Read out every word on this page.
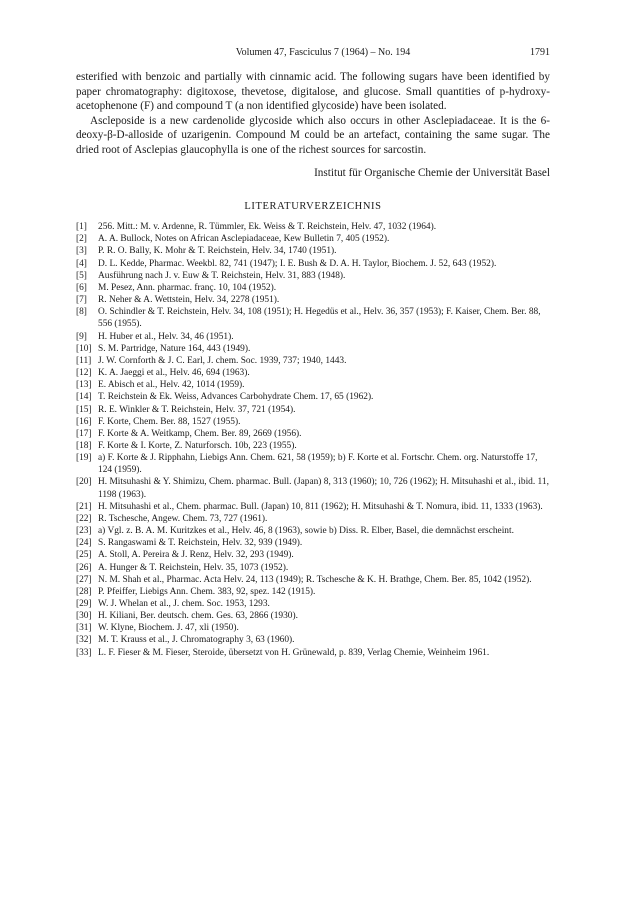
Volumen 47, Fasciculus 7 (1964) – No. 194	1791

esterified with benzoic and partially with cinnamic acid. The following sugars have been identified by paper chromatography: digitoxose, thevetose, digitalose, and glucose. Small quantities of p-hydroxy-acetophenone (F) and compound T (a non identified glycoside) have been isolated.

Ascleposide is a new cardenolide glycoside which also occurs in other Asclepiadaceae. It is the 6-deoxy-β-D-alloside of uzarigenin. Compound M could be an artefact, containing the same sugar. The dried root of Asclepias glaucophylla is one of the richest sources for sarcostin.

Institut für Organische Chemie der Universität Basel

LITERATURVERZEICHNIS
[1]	256. Mitt.: M. v. Ardenne, R. Tümmler, Ek. Weiss & T. Reichstein, Helv. 47, 1032 (1964).
[2]	A. A. Bullock, Notes on African Asclepiadaceae, Kew Bulletin 7, 405 (1952).
[3]	P. R. O. Bally, K. Mohr & T. Reichstein, Helv. 34, 1740 (1951).
[4]	D. L. Kedde, Pharmac. Weekbl. 82, 741 (1947); I. E. Bush & D. A. H. Taylor, Biochem. J. 52, 643 (1952).
[5]	Ausführung nach J. v. Euw & T. Reichstein, Helv. 31, 883 (1948).
[6]	M. Pesez, Ann. pharmac. franç. 10, 104 (1952).
[7]	R. Neher & A. Wettstein, Helv. 34, 2278 (1951).
[8]	O. Schindler & T. Reichstein, Helv. 34, 108 (1951); H. Hegedüs et al., Helv. 36, 357 (1953); F. Kaiser, Chem. Ber. 88, 556 (1955).
[9]	H. Huber et al., Helv. 34, 46 (1951).
[10] S. M. Partridge, Nature 164, 443 (1949).
[11] J. W. Cornforth & J. C. Earl, J. chem. Soc. 1939, 737; 1940, 1443.
[12] K. A. Jaeggi et al., Helv. 46, 694 (1963).
[13] E. Abisch et al., Helv. 42, 1014 (1959).
[14] T. Reichstein & Ek. Weiss, Advances Carbohydrate Chem. 17, 65 (1962).
[15] R. E. Winkler & T. Reichstein, Helv. 37, 721 (1954).
[16] F. Korte, Chem. Ber. 88, 1527 (1955).
[17] F. Korte & A. Weitkamp, Chem. Ber. 89, 2669 (1956).
[18] F. Korte & I. Korte, Z. Naturforsch. 10b, 223 (1955).
[19] a) F. Korte & J. Ripphahn, Liebigs Ann. Chem. 621, 58 (1959); b) F. Korte et al. Fortschr. Chem. org. Naturstoffe 17, 124 (1959).
[20] H. Mitsuhashi & Y. Shimizu, Chem. pharmac. Bull. (Japan) 8, 313 (1960); 10, 726 (1962); H. Mitsuhashi et al., ibid. 11, 1198 (1963).
[21] H. Mitsuhashi et al., Chem. pharmac. Bull. (Japan) 10, 811 (1962); H. Mitsuhashi & T. Nomura, ibid. 11, 1333 (1963).
[22] R. Tschesche, Angew. Chem. 73, 727 (1961).
[23] a) Vgl. z. B. A. M. Kuritzkes et al., Helv. 46, 8 (1963), sowie b) Diss. R. Elber, Basel, die demnächst erscheint.
[24] S. Rangaswami & T. Reichstein, Helv. 32, 939 (1949).
[25] A. Stoll, A. Pereira & J. Renz, Helv. 32, 293 (1949).
[26] A. Hunger & T. Reichstein, Helv. 35, 1073 (1952).
[27] N. M. Shah et al., Pharmac. Acta Helv. 24, 113 (1949); R. Tschesche & K. H. Brathge, Chem. Ber. 85, 1042 (1952).
[28] P. Pfeiffer, Liebigs Ann. Chem. 383, 92, spez. 142 (1915).
[29] W. J. Whelan et al., J. chem. Soc. 1953, 1293.
[30] H. Kiliani, Ber. deutsch. chem. Ges. 63, 2866 (1930).
[31] W. Klyne, Biochem. J. 47, xli (1950).
[32] M. T. Krauss et al., J. Chromatography 3, 63 (1960).
[33] L. F. Fieser & M. Fieser, Steroide, übersetzt von H. Grünewald, p. 839, Verlag Chemie, Weinheim 1961.
